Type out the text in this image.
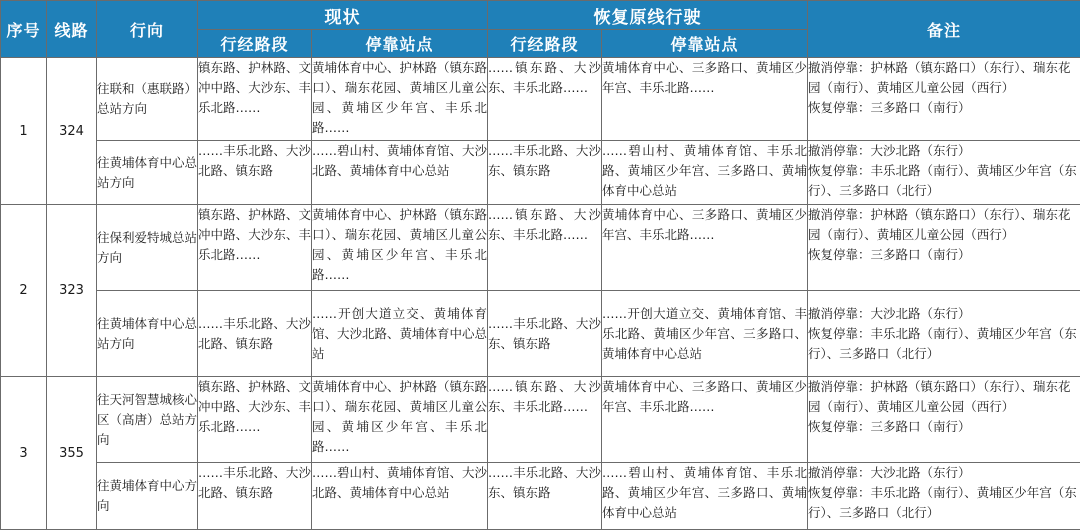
序号	线路	行向	现状		恢复原线行驶		备注
			行经路段	停靠站点	行经路段	停靠站点	
1	324	往联和（惠联路）总站方向	镇东路、护林路、文冲中路、大沙东、丰乐北路……	黄埔体育中心、护林路（镇东路口）、瑞东花园、黄埔区儿童公园、黄埔区少年宫、丰乐北路……	……镇东路、大沙东、丰乐北路……	黄埔体育中心、三多路口、黄埔区少年宫、丰乐北路……	撤消停靠：护林路（镇东路口）（东行）、瑞东花园（南行）、黄埔区儿童公园（西行）
恢复停靠：三多路口（南行）

		往黄埔体育中心总站方向	……丰乐北路、大沙北路、镇东路	……碧山村、黄埔体育馆、大沙北路、黄埔体育中心总站	……丰乐北路、大沙东、镇东路	……碧山村、黄埔体育馆、丰乐北路、黄埔区少年宫、三多路口、黄埔体育中心总站	撤消停靠：大沙北路（东行）
恢复停靠：丰乐北路（南行）、黄埔区少年宫（东行）、三多路口（北行）

2	323	往保利爱特城总站方向	镇东路、护林路、文冲中路、大沙东、丰乐北路……	黄埔体育中心、护林路（镇东路口）、瑞东花园、黄埔区儿童公园、黄埔区少年宫、丰乐北路……	……镇东路、大沙东、丰乐北路……	黄埔体育中心、三多路口、黄埔区少年宫、丰乐北路……	撤消停靠：护林路（镇东路口）（东行）、瑞东花园（南行）、黄埔区儿童公园（西行）
恢复停靠：三多路口（南行）

		往黄埔体育中心总站方向	……丰乐北路、大沙北路、镇东路	……开创大道立交、黄埔体育馆、大沙北路、黄埔体育中心总站	……丰乐北路、大沙东、镇东路	……开创大道立交、黄埔体育馆、丰乐北路、黄埔区少年宫、三多路口、黄埔体育中心总站	撤消停靠：大沙北路（东行）
恢复停靠：丰乐北路（南行）、黄埔区少年宫（东行）、三多路口（北行）

3	355	往天河智慧城核心区（高唐）总站方向	镇东路、护林路、文冲中路、大沙东、丰乐北路……	黄埔体育中心、护林路（镇东路口）、瑞东花园、黄埔区儿童公园、黄埔区少年宫、丰乐北路……	……镇东路、大沙东、丰乐北路……	黄埔体育中心、三多路口、黄埔区少年宫、丰乐北路……	撤消停靠：护林路（镇东路口）（东行）、瑞东花园（南行）、黄埔区儿童公园（西行）
恢复停靠：三多路口（南行）

		往黄埔体育中心方向	……丰乐北路、大沙北路、镇东路	……碧山村、黄埔体育馆、大沙北路、黄埔体育中心总站	……丰乐北路、大沙东、镇东路	……碧山村、黄埔体育馆、丰乐北路、黄埔区少年宫、三多路口、黄埔体育中心总站	撤消停靠：大沙北路（东行）
恢复停靠：丰乐北路（南行）、黄埔区少年宫（东行）、三多路口（北行）
